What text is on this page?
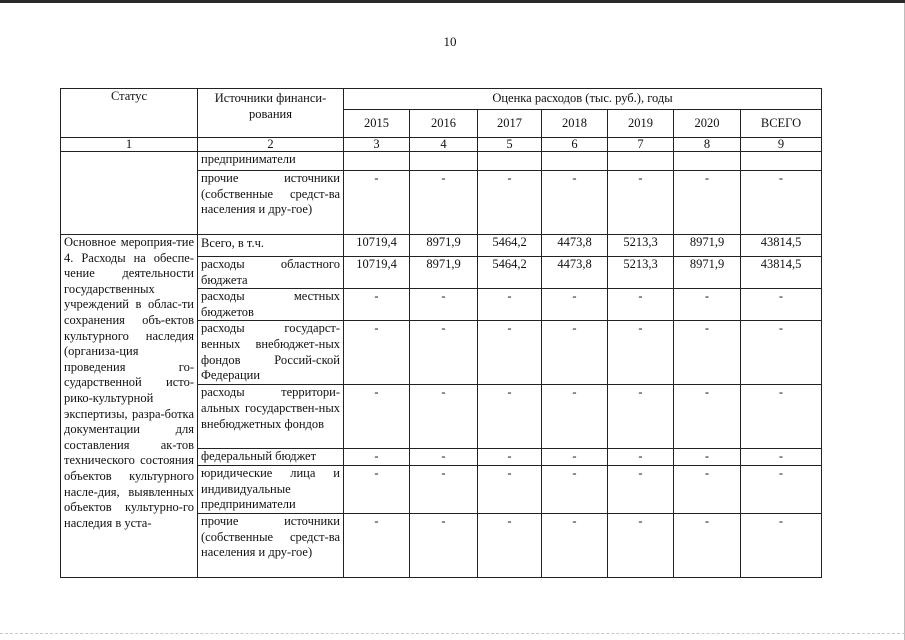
10
Статус	Источники финанси-рования	Оценка расходов (тыс. руб.), годы						
		2015	2016	2017	2018	2019	2020	ВСЕГО
1	2	3	4	5	6	7	8	9
	предприниматели							
	прочие источники (собственные средст-ва населения и дру-гое)	-	-	-	-	-	-	-
Основное мероприя-тие 4. Расходы на обеспе-чение деятельности государственных учреждений в облас-ти сохранения объ-ектов культурного наследия (организа-ция проведения го-сударственной исто-рико-культурной экспертизы, разра-ботка документации для составления ак-тов технического состояния объектов культурного насле-дия, выявленных объектов культурно-го наследия в уста-	Всего, в т.ч.	10719,4	8971,9	5464,2	4473,8	5213,3	8971,9	43814,5
	расходы областного бюджета	10719,4	8971,9	5464,2	4473,8	5213,3	8971,9	43814,5
	расходы местных бюджетов	-	-	-	-	-	-	-
	расходы государст-венных внебюджет-ных фондов Россий-ской Федерации	-	-	-	-	-	-	-
	расходы территори-альных государствен-ных внебюджетных фондов	-	-	-	-	-	-	-
	федеральный бюджет	-	-	-	-	-	-	-
	юридические лица и индивидуальные предприниматели	-	-	-	-	-	-	-
	прочие источники (собственные средст-ва населения и дру-гое)	-	-	-	-	-	-	-
